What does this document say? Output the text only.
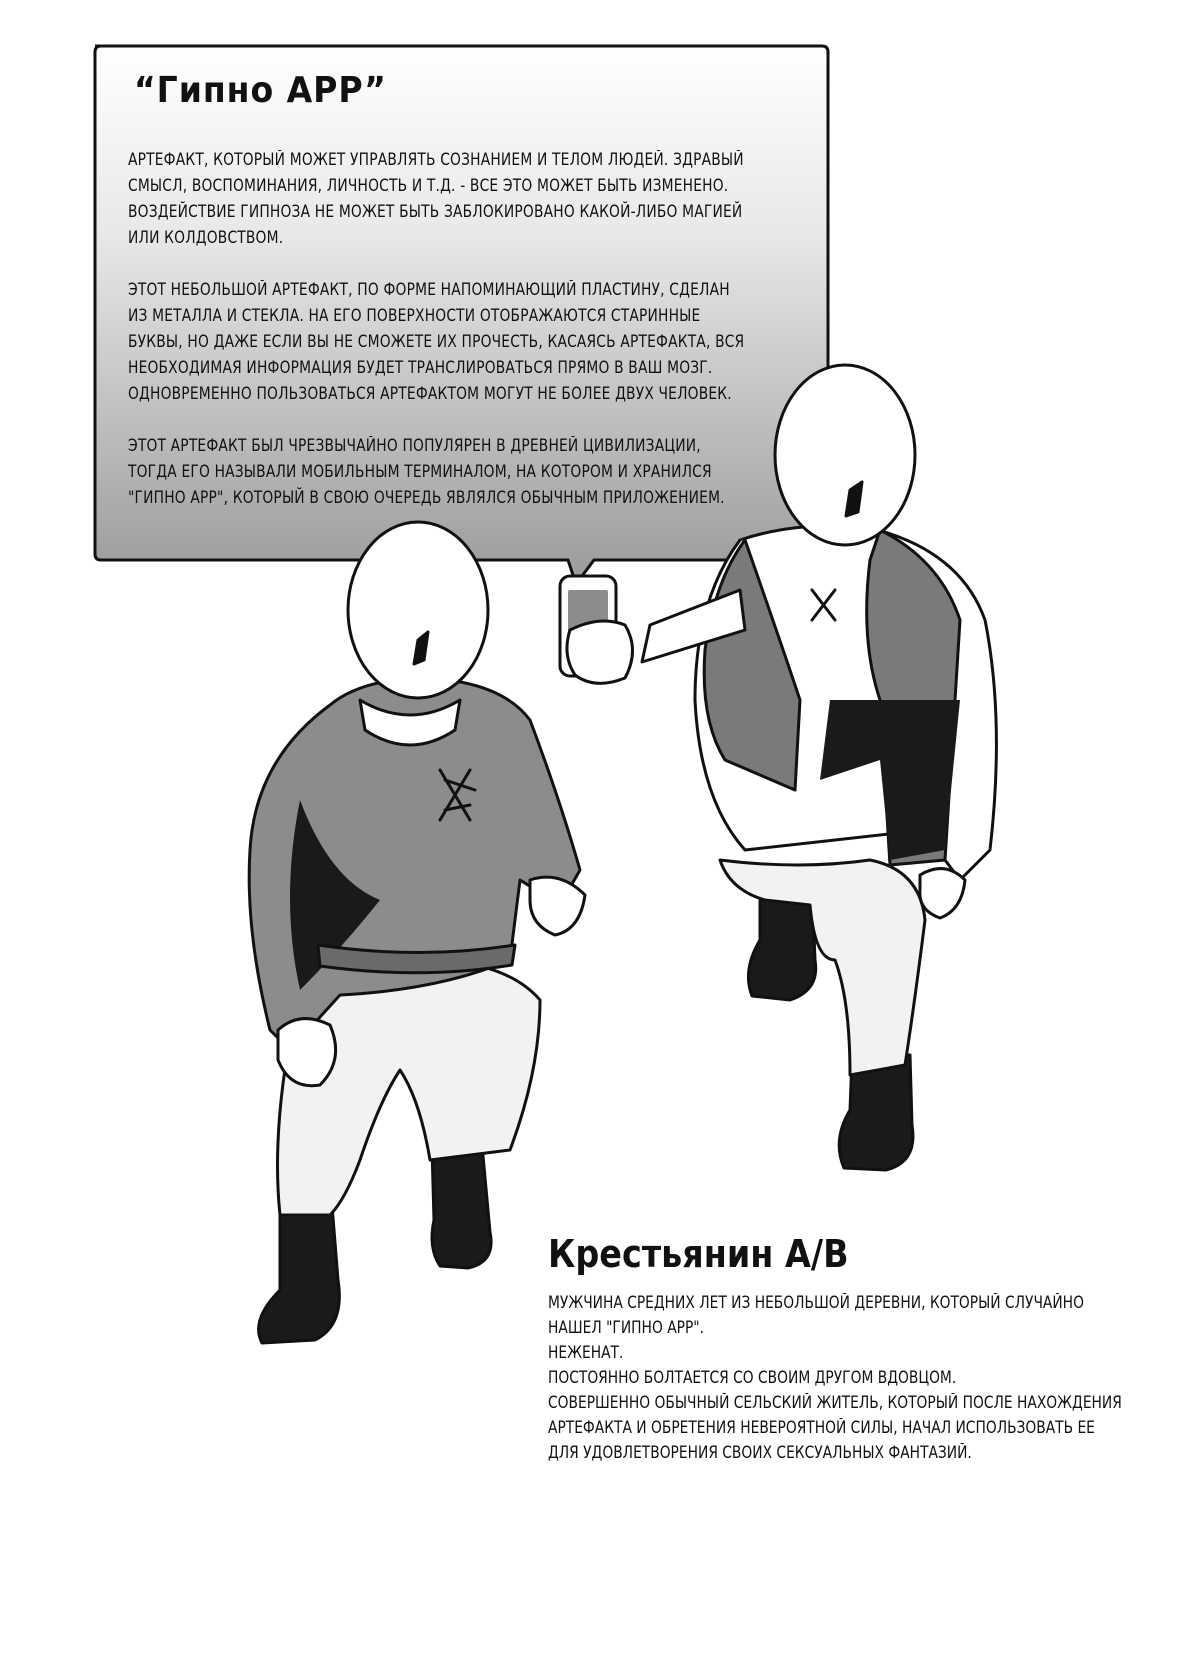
“Гипно APP”
АРТЕФАКТ, КОТОРЫЙ МОЖЕТ УПРАВЛЯТЬ СОЗНАНИЕМ И ТЕЛОМ ЛЮДЕЙ. ЗДРАВЫЙ СМЫСЛ, ВОСПОМИНАНИЯ, ЛИЧНОСТЬ И Т.Д. - ВСЕ ЭТО МОЖЕТ БЫТЬ ИЗМЕНЕНО. ВОЗДЕЙСТВИЕ ГИПНОЗА НЕ МОЖЕТ БЫТЬ ЗАБЛОКИРОВАНО КАКОЙ-ЛИБО МАГИЕЙ ИЛИ КОЛДОВСТВОМ.
ЭТОТ НЕБОЛЬШОЙ АРТЕФАКТ, ПО ФОРМЕ НАПОМИНАЮЩИЙ ПЛАСТИНУ, СДЕЛАН ИЗ МЕТАЛЛА И СТЕКЛА. НА ЕГО ПОВЕРХНОСТИ ОТОБРАЖАЮТСЯ СТАРИННЫЕ БУКВЫ, НО ДАЖЕ ЕСЛИ ВЫ НЕ СМОЖЕТЕ ИХ ПРОЧЕСТЬ, КАСАЯСЬ АРТЕФАКТА, ВСЯ НЕОБХОДИМАЯ ИНФОРМАЦИЯ БУДЕТ ТРАНСЛИРОВАТЬСЯ ПРЯМО В ВАШ МОЗГ. ОДНОВРЕМЕННО ПОЛЬЗОВАТЬСЯ АРТЕФАКТОМ МОГУТ НЕ БОЛЕЕ ДВУХ ЧЕЛОВЕК.
ЭТОТ АРТЕФАКТ БЫЛ ЧРЕЗВЫЧАЙНО ПОПУЛЯРЕН В ДРЕВНЕЙ ЦИВИЛИЗАЦИИ, ТОГДА ЕГО НАЗЫВАЛИ МОБИЛЬНЫМ ТЕРМИНАЛОМ, НА КОТОРОМ И ХРАНИЛСЯ "ГИПНО APP", КОТОРЫЙ В СВОЮ ОЧЕРЕДЬ ЯВЛЯЛСЯ ОБЫЧНЫМ ПРИЛОЖЕНИЕМ.
Крестьянин А/В
МУЖЧИНА СРЕДНИХ ЛЕТ ИЗ НЕБОЛЬШОЙ ДЕРЕВНИ, КОТОРЫЙ СЛУЧАЙНО
НАШЕЛ "ГИПНО APP".
НЕЖЕНАТ.
ПОСТОЯННО БОЛТАЕТСЯ СО СВОИМ ДРУГОМ ВДОВЦОМ.
СОВЕРШЕННО ОБЫЧНЫЙ СЕЛЬСКИЙ ЖИТЕЛЬ, КОТОРЫЙ ПОСЛЕ НАХОЖДЕНИЯ
АРТЕФАКТА И ОБРЕТЕНИЯ НЕВЕРОЯТНОЙ СИЛЫ, НАЧАЛ ИСПОЛЬЗОВАТЬ ЕЕ
ДЛЯ УДОВЛЕТВОРЕНИЯ СВОИХ СЕКСУАЛЬНЫХ ФАНТАЗИЙ.
